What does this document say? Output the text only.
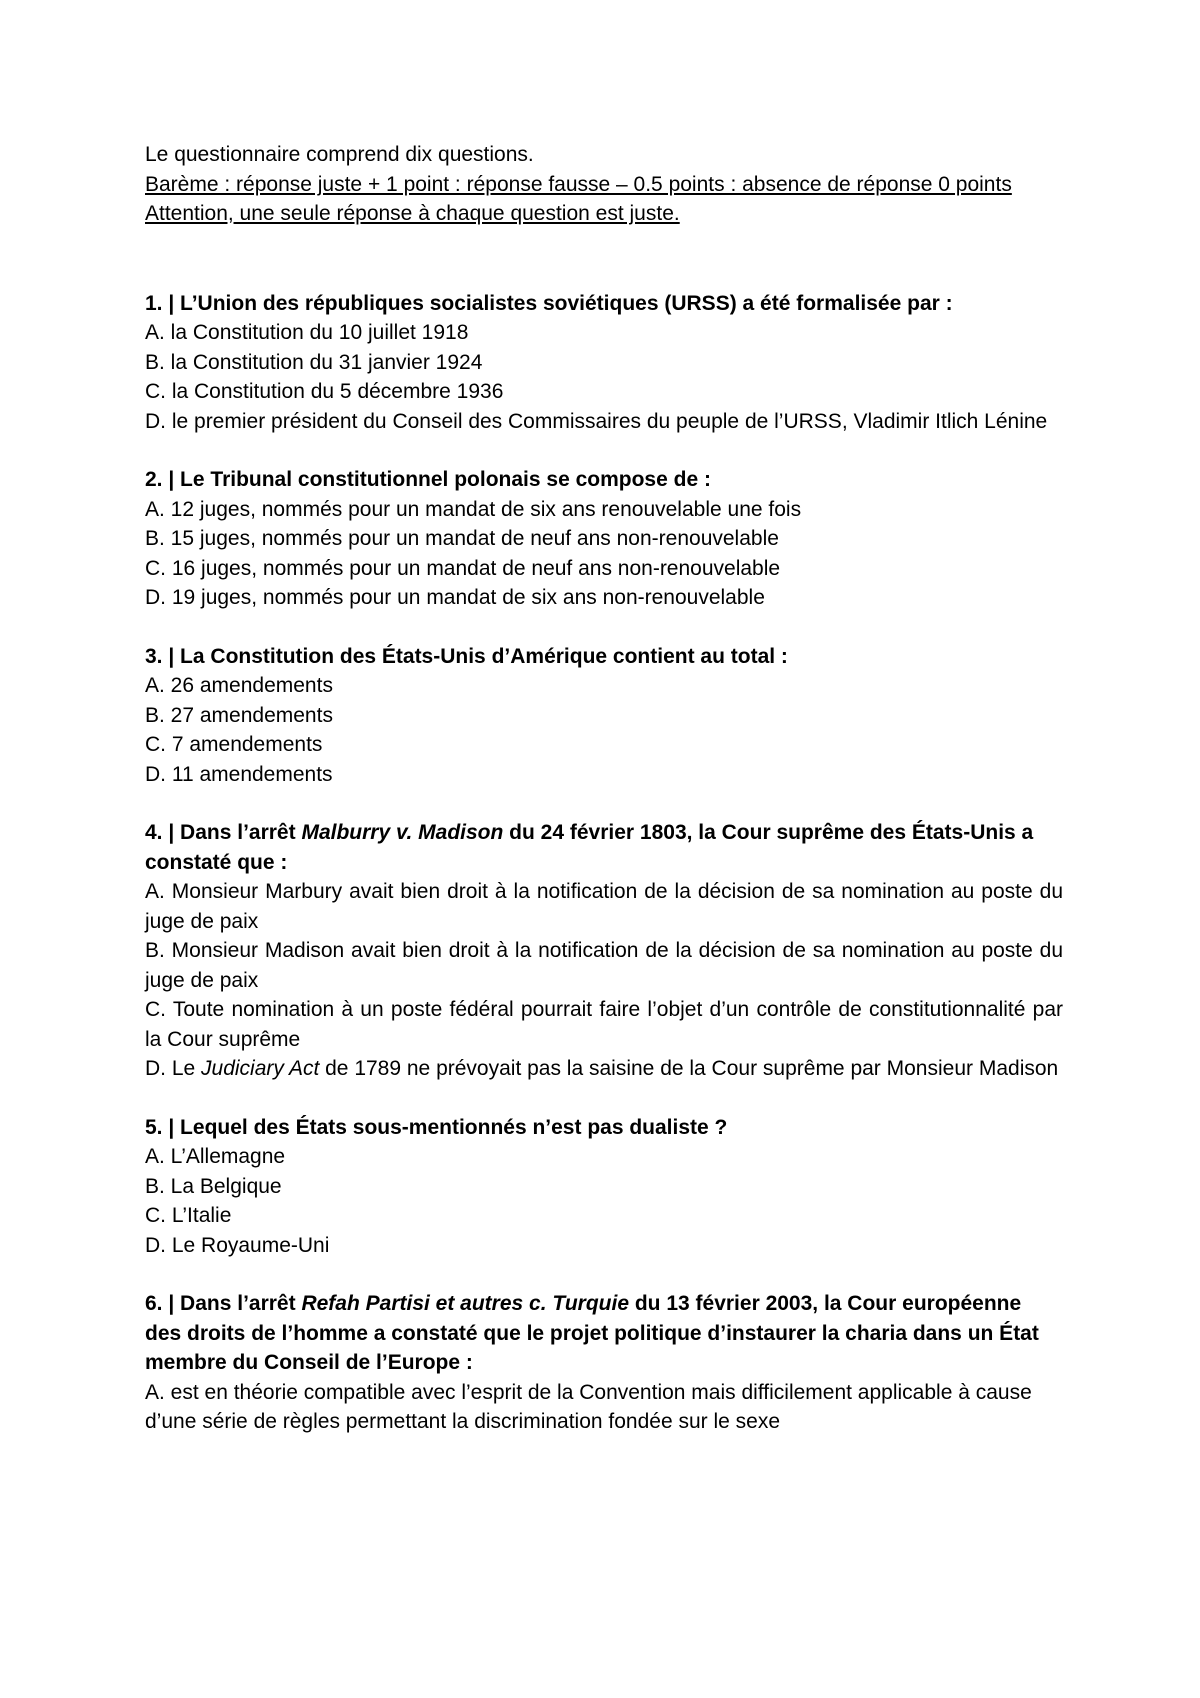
Le questionnaire comprend dix questions.
Barème : réponse juste + 1 point : réponse fausse – 0.5 points : absence de réponse 0 points
Attention, une seule réponse à chaque question est juste.
1. | L’Union des républiques socialistes soviétiques (URSS) a été formalisée par :
A. la Constitution du 10 juillet 1918
B. la Constitution du 31 janvier 1924
C. la Constitution du 5 décembre 1936
D. le premier président du Conseil des Commissaires du peuple de l’URSS, Vladimir Itlich Lénine
2. | Le Tribunal constitutionnel polonais se compose de :
A. 12 juges, nommés pour un mandat de six ans renouvelable une fois
B. 15 juges, nommés pour un mandat de neuf ans non-renouvelable
C. 16 juges, nommés pour un mandat de neuf ans non-renouvelable
D. 19 juges, nommés pour un mandat de six ans non-renouvelable
3. | La Constitution des États-Unis d’Amérique contient au total :
A. 26 amendements
B. 27 amendements
C. 7 amendements
D. 11 amendements
4. | Dans l’arrêt Malburry v. Madison du 24 février 1803, la Cour suprême des États-Unis a constaté que :
A. Monsieur Marbury avait bien droit à la notification de la décision de sa nomination au poste du juge de paix
B. Monsieur Madison avait bien droit à la notification de la décision de sa nomination au poste du juge de paix
C. Toute nomination à un poste fédéral pourrait faire l’objet d’un contrôle de constitutionnalité par la Cour suprême
D. Le Judiciary Act de 1789 ne prévoyait pas la saisine de la Cour suprême par Monsieur Madison
5. | Lequel des États sous-mentionnés n’est pas dualiste ?
A. L’Allemagne
B. La Belgique
C. L’Italie
D. Le Royaume-Uni
6. | Dans l’arrêt Refah Partisi et autres c. Turquie du 13 février 2003, la Cour européenne des droits de l’homme a constaté que le projet politique d’instaurer la charia dans un État membre du Conseil de l’Europe :
A. est en théorie compatible avec l’esprit de la Convention mais difficilement applicable à cause d’une série de règles permettant la discrimination fondée sur le sexe
